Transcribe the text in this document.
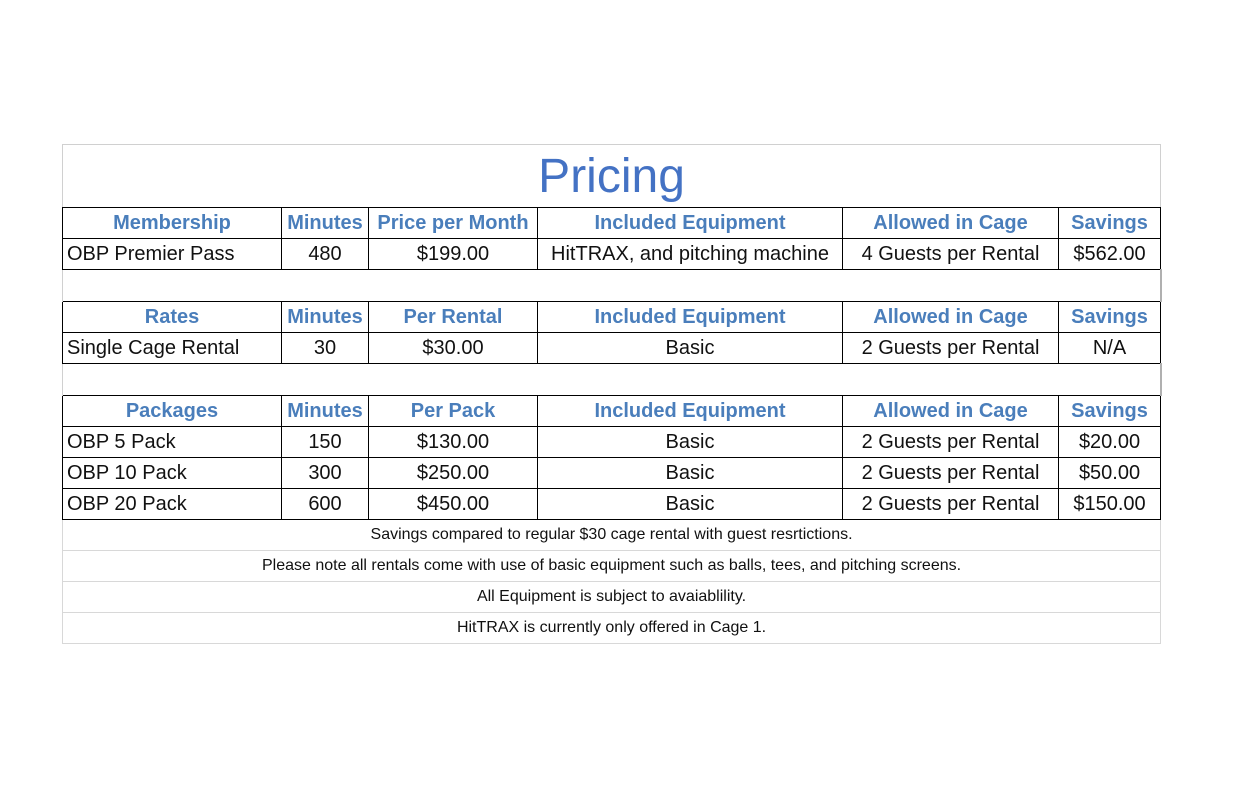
Pricing					
Membership	Minutes	Price per Month	Included Equipment	Allowed in Cage	Savings
OBP Premier Pass	480	$199.00	HitTRAX, and pitching machine	4 Guests per Rental	$562.00

Rates	Minutes	Per Rental	Included Equipment	Allowed in Cage	Savings
Single Cage Rental	30	$30.00	Basic	2 Guests per Rental	N/A

Packages	Minutes	Per Pack	Included Equipment	Allowed in Cage	Savings
OBP 5 Pack	150	$130.00	Basic	2 Guests per Rental	$20.00
OBP 10 Pack	300	$250.00	Basic	2 Guests per Rental	$50.00
OBP 20 Pack	600	$450.00	Basic	2 Guests per Rental	$150.00
Savings compared to regular $30 cage rental with guest resrtictions.					
Please note all rentals come with use of basic equipment such as balls, tees, and pitching screens.					
All Equipment is subject to avaiablility.					
HitTRAX is currently only offered in Cage 1.					
